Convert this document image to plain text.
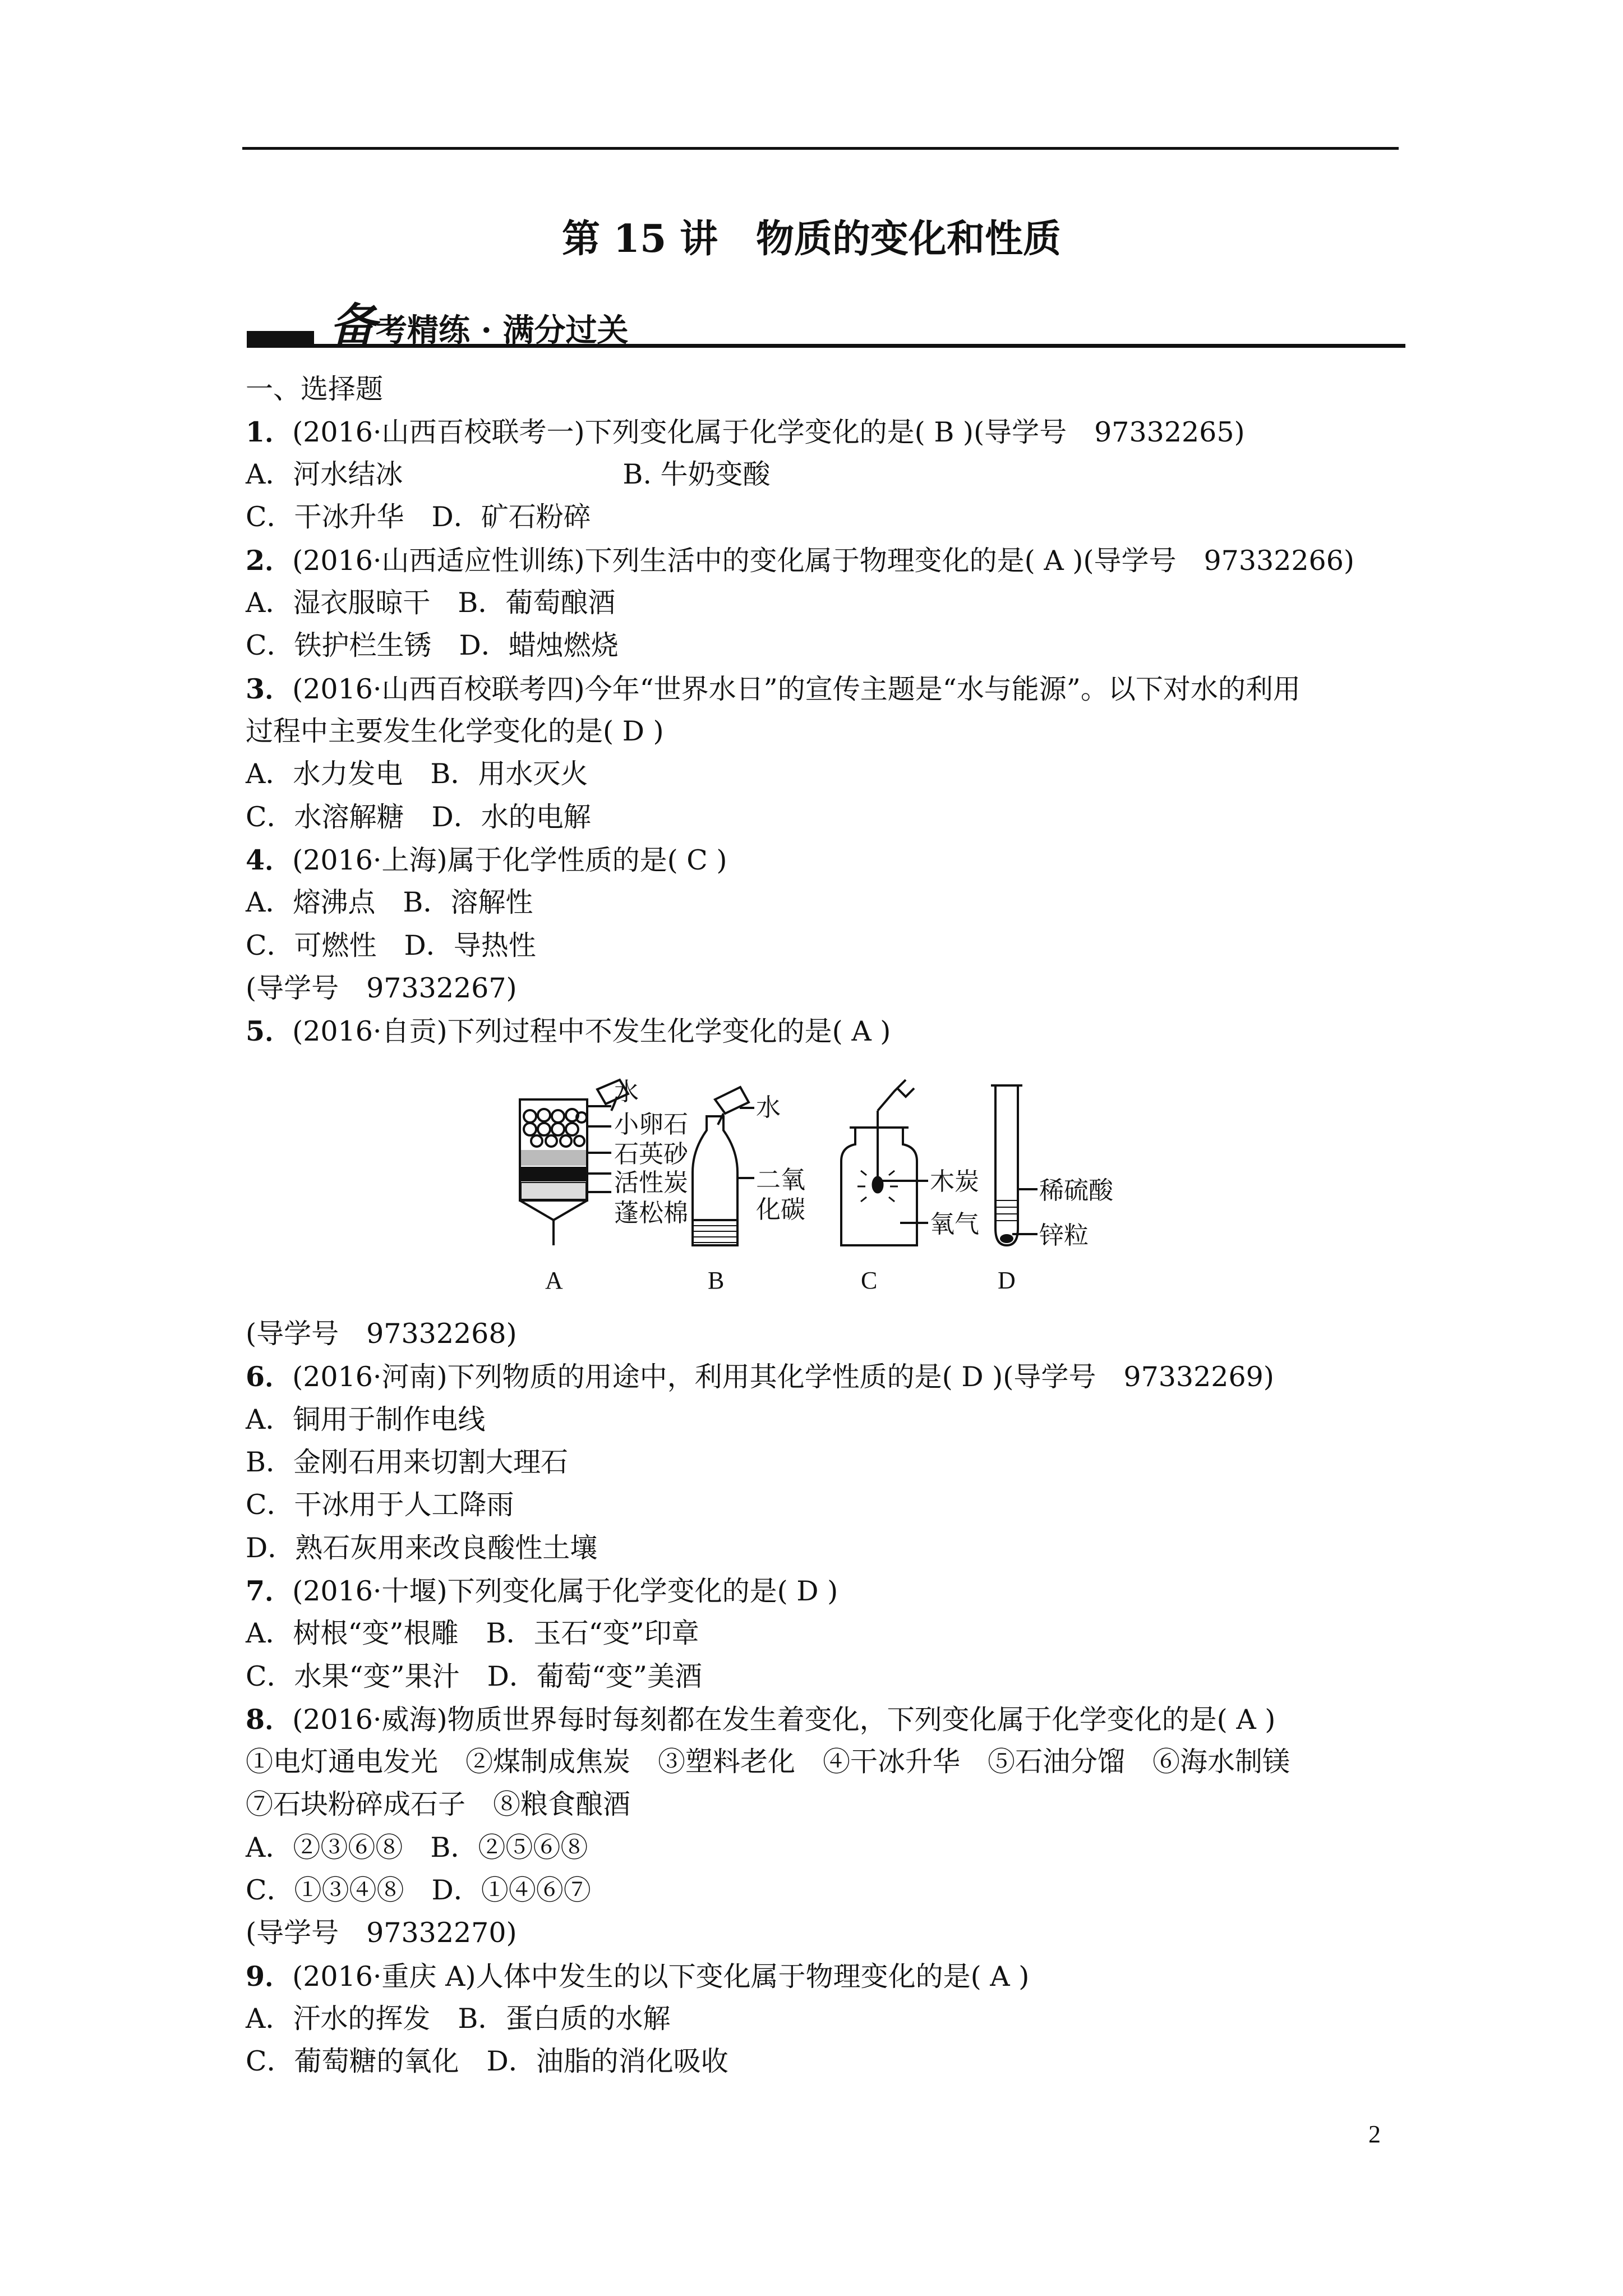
第 15 讲　物质的变化和性质
备考精练 · 满分过关
一、选择题
1．(2016·山西百校联考一)下列变化属于化学变化的是( B )(导学号　97332265)
A．河水结冰　　　　　　　　B. 牛奶变酸
C．干冰升华　D．矿石粉碎
2．(2016·山西适应性训练)下列生活中的变化属于物理变化的是( A )(导学号　97332266)
A．湿衣服晾干　B．葡萄酿酒
C．铁护栏生锈　D．蜡烛燃烧
3．(2016·山西百校联考四)今年“世界水日”的宣传主题是“水与能源”。以下对水的利用
过程中主要发生化学变化的是( D )
A．水力发电　B．用水灭火
C．水溶解糖　D．水的电解
4．(2016·上海)属于化学性质的是( C )
A．熔沸点　B．溶解性
C．可燃性　D．导热性
(导学号　97332267)
5．(2016·自贡)下列过程中不发生化学变化的是( A )
水
小卵石
石英砂
活性炭
蓬松棉
水
二氧
化碳
木炭
氧气
稀硫酸
锌粒
A	B	C	D
(导学号　97332268)
6．(2016·河南)下列物质的用途中，利用其化学性质的是( D )(导学号　97332269)
A．铜用于制作电线
B．金刚石用来切割大理石
C．干冰用于人工降雨
D．熟石灰用来改良酸性土壤
7．(2016·十堰)下列变化属于化学变化的是( D )
A．树根“变”根雕　B．玉石“变”印章
C．水果“变”果汁　D．葡萄“变”美酒
8．(2016·威海)物质世界每时每刻都在发生着变化，下列变化属于化学变化的是( A )
①电灯通电发光　②煤制成焦炭　③塑料老化　④干冰升华　⑤石油分馏　⑥海水制镁
⑦石块粉碎成石子　⑧粮食酿酒
A．②③⑥⑧　B．②⑤⑥⑧
C．①③④⑧　D．①④⑥⑦
(导学号　97332270)
9．(2016·重庆 A)人体中发生的以下变化属于物理变化的是( A )
A．汗水的挥发　B．蛋白质的水解
C．葡萄糖的氧化　D．油脂的消化吸收
2
